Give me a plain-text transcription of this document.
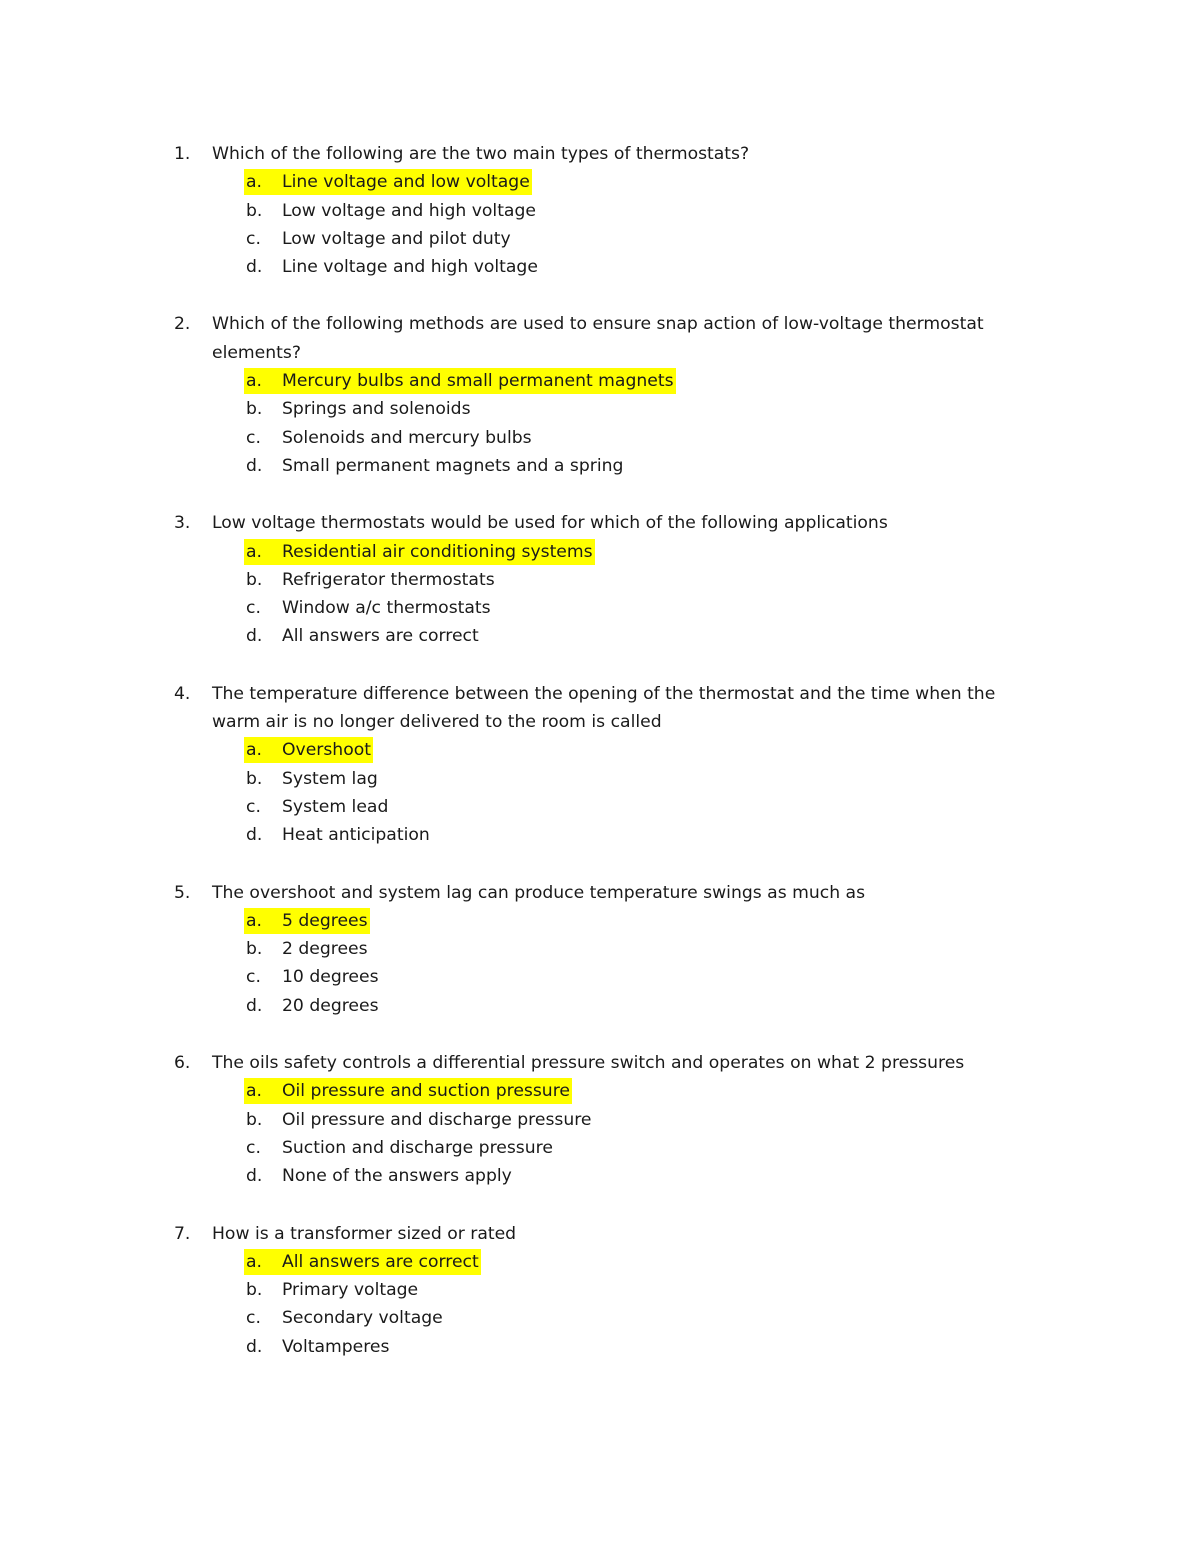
1. Which of the following are the two main types of thermostats?
a. Line voltage and low voltage
b. Low voltage and high voltage
c. Low voltage and pilot duty
d. Line voltage and high voltage
2. Which of the following methods are used to ensure snap action of low-voltage thermostat elements?
a. Mercury bulbs and small permanent magnets
b. Springs and solenoids
c. Solenoids and mercury bulbs
d. Small permanent magnets and a spring
3. Low voltage thermostats would be used for which of the following applications
a. Residential air conditioning systems
b. Refrigerator thermostats
c. Window a/c thermostats
d. All answers are correct
4. The temperature difference between the opening of the thermostat and the time when the warm air is no longer delivered to the room is called
a. Overshoot
b. System lag
c. System lead
d. Heat anticipation
5. The overshoot and system lag can produce temperature swings as much as
a. 5 degrees
b. 2 degrees
c. 10 degrees
d. 20 degrees
6. The oils safety controls a differential pressure switch and operates on what 2 pressures
a. Oil pressure and suction pressure
b. Oil pressure and discharge pressure
c. Suction and discharge pressure
d. None of the answers apply
7. How is a transformer sized or rated
a. All answers are correct
b. Primary voltage
c. Secondary voltage
d. Voltamperes
